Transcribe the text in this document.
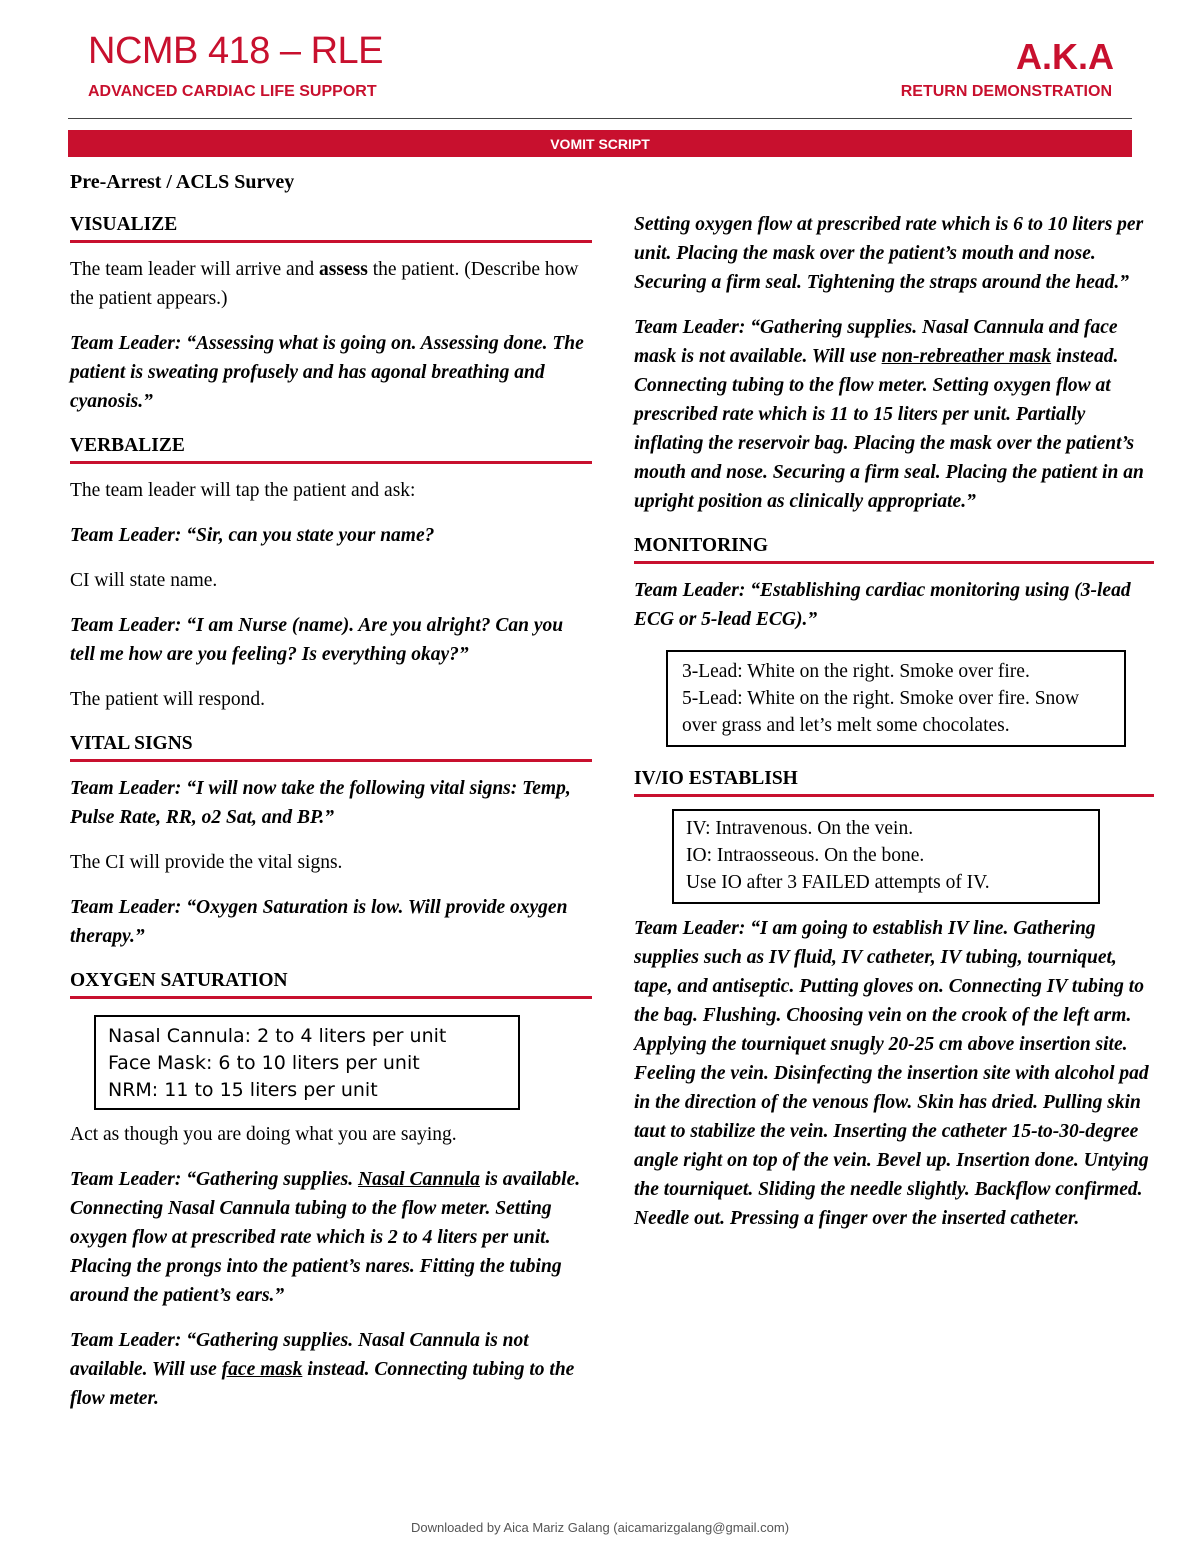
NCMB 418 – RLE
ADVANCED CARDIAC LIFE SUPPORT
A.K.A
RETURN DEMONSTRATION
VOMIT SCRIPT
Pre-Arrest / ACLS Survey
VISUALIZE

The team leader will arrive and assess the patient. (Describe how the patient appears.)

Team Leader: “Assessing what is going on. Assessing done. The patient is sweating profusely and has agonal breathing and cyanosis.”

VERBALIZE

The team leader will tap the patient and ask:

Team Leader: “Sir, can you state your name?

CI will state name.

Team Leader: “I am Nurse (name). Are you alright? Can you tell me how are you feeling? Is everything okay?”

The patient will respond.

VITAL SIGNS

Team Leader: “I will now take the following vital signs: Temp, Pulse Rate, RR, o2 Sat, and BP.”

The CI will provide the vital signs.

Team Leader: “Oxygen Saturation is low. Will provide oxygen therapy.”

OXYGEN SATURATION
Nasal Cannula: 2 to 4 liters per unit
Face Mask: 6 to 10 liters per unit
NRM: 11 to 15 liters per unit

Act as though you are doing what you are saying.

Team Leader: “Gathering supplies. Nasal Cannula is available. Connecting Nasal Cannula tubing to the flow meter. Setting oxygen flow at prescribed rate which is 2 to 4 liters per unit. Placing the prongs into the patient’s nares. Fitting the tubing around the patient’s ears.”

Team Leader: “Gathering supplies. Nasal Cannula is not available. Will use face mask instead. Connecting tubing to the flow meter.

Setting oxygen flow at prescribed rate which is 6 to 10 liters per unit. Placing the mask over the patient’s mouth and nose. Securing a firm seal. Tightening the straps around the head.”

Team Leader: “Gathering supplies. Nasal Cannula and face mask is not available. Will use non-rebreather mask instead. Connecting tubing to the flow meter. Setting oxygen flow at prescribed rate which is 11 to 15 liters per unit. Partially inflating the reservoir bag. Placing the mask over the patient’s mouth and nose. Securing a firm seal. Placing the patient in an upright position as clinically appropriate.”

MONITORING

Team Leader: “Establishing cardiac monitoring using (3-lead ECG or 5-lead ECG).”

3-Lead: White on the right. Smoke over fire.
5-Lead: White on the right. Smoke over fire. Snow over grass and let’s melt some chocolates.
IV/IO ESTABLISH
IV: Intravenous. On the vein.
IO: Intraosseous. On the bone.
Use IO after 3 FAILED attempts of IV.

Team Leader: “I am going to establish IV line. Gathering supplies such as IV fluid, IV catheter, IV tubing, tourniquet, tape, and antiseptic. Putting gloves on. Connecting IV tubing to the bag. Flushing. Choosing vein on the crook of the left arm. Applying the tourniquet snugly 20-25 cm above insertion site. Feeling the vein. Disinfecting the insertion site with alcohol pad in the direction of the venous flow. Skin has dried. Pulling skin taut to stabilize the vein. Inserting the catheter 15-to-30-degree angle right on top of the vein. Bevel up. Insertion done. Untying the tourniquet. Sliding the needle slightly. Backflow confirmed. Needle out. Pressing a finger over the inserted catheter.

Downloaded by Aica Mariz Galang (aicamarizgalang@gmail.com)
